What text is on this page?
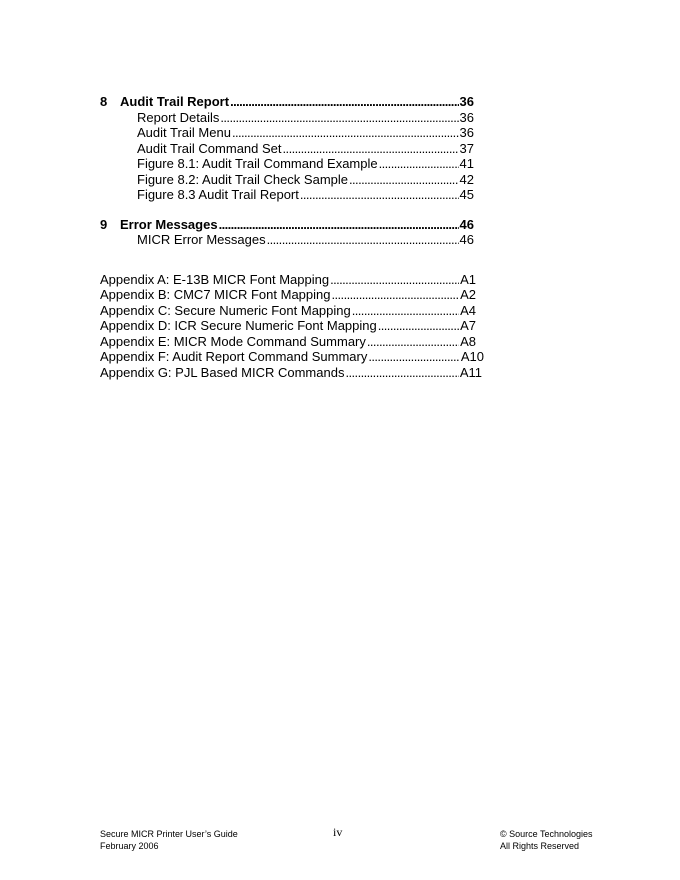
8 Audit Trail Report . . .	36
Report Details . . .	36
Audit Trail Menu . . .	36
Audit Trail Command Set . . .	37
Figure 8.1: Audit Trail Command Example . . .	41
Figure 8.2: Audit Trail Check Sample . . .	42
Figure 8.3 Audit Trail Report . . .	45
9 Error Messages . . .	46
MICR Error Messages . . .	46
Appendix A: E-13B MICR Font Mapping . . .	A1
Appendix B: CMC7 MICR Font Mapping . . .	A2
Appendix C: Secure Numeric Font Mapping . . .	A4
Appendix D: ICR Secure Numeric Font Mapping . . .	A7
Appendix E: MICR Mode Command Summary . . .	A8
Appendix F: Audit Report Command Summary . . .	A10
Appendix G: PJL Based MICR Commands . . .	A11
Secure MICR Printer User’s Guide
February 2006
iv	© Source Technologies
All Rights Reserved
